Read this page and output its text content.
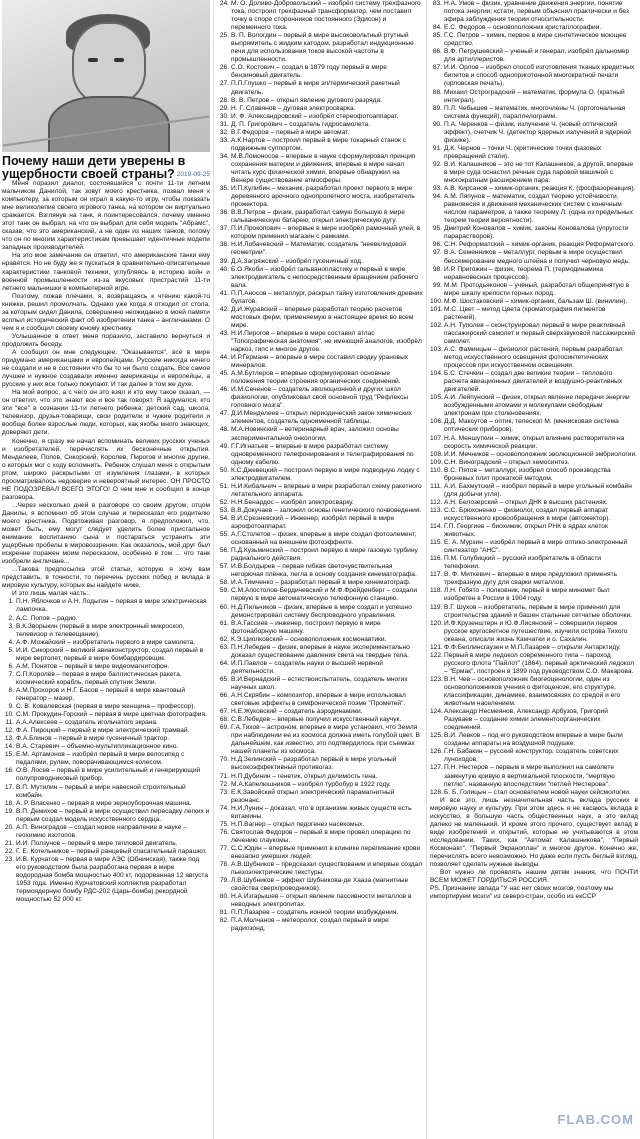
Почему наши дети уверены в ущербности своей страны? 2019-09-25

Меня поразил диалог, состоявшийся с почти 11-ти летним мальчиком Данилой, так зовут моего крестника, позвал меня к компьютеру, за которым он играл в какую-то игру, чтобы показать мне великолепие своего игрового танка, на котором он виртуально сражается. Взглянув на танк, я поинтересовался, почему именно этот танк он выбрал, на что он выбрал для себя модель "Абрамс", сказав, что это американский, а не один из наших танков, потому что он по многим характеристикам превышает идентичные модели западных производителей.

На это мое замечание он ответил, что американские танки ему нравятся. Но не буду же я пускаться в сравнительно-описательные характеристики танковой техники, углубляясь в историю войн и военной промышленности из-за вкусовых пристрастий 11-ти летнего мальчишки в компьютерной игре.

Поэтому, пожав плечами, я, возвращаясь к чтению какой-то книжки, решил промолчать. Однако уже когда я отходил от стола, за которым сидел Данила, совершенно неожиданно в моей памяти всплыл исторический факт об изобретении танка – англичанами. О чем я и сообщил своему юному крестнику.

Услышанное в ответ меня поразило, заставило вернуться и продолжить беседу.

А сообщил он мне следующее. "Оказывается", все в мире придумано американцами и европейцами. Русские никогда ничего не создали и не в состоянии что бы то ни было создать. Все самое лучшее и нужное создавали именно американцы и европейцы, а русские у них все только покупают. И так далее в том же духе.

На мой вопрос, а с чего он это взял и кто ему такое сказал, — он ответил, что это знают все и все так говорят. Я задумался, кто эти "все" в сознании 11-ти летнего ребенка: детский сад, школа, телевизор, друзья-товарищи, свои родители и чужие родители и вообще более взрослые люди, которых, как якобы много знающих, доверяют дети.

Конечно, я сразу же начал вспоминать великих русских ученых и изобретателей, перечислять их бесконечные открытия. Менделеев, Попов, Сикорский, Королев, Пирогов и многие другие, о которых мог с ходу вспомнить. Ребенок слушал меня с открытым ртом, широко раскрытыми от изумления глазами, в которых просматривалось недоверие и невероятный интерес. ОН ПРОСТО НЕ ПОДОЗРЕВАЛ ВСЕГО ЭТОГО! О чем мне и сообщил в конце разговора.

...Через несколько дней в разговоре со своим другом, отцом Данилы, я вспомнил об этом случае и пересказал его родителю моего крестника. Подвтоживая разговор, я предположил, что, может быть, ему могут следует уделить более пристальное внимание воспитанию сына и постараться устранить эти ущербные пробелы в мировоззрении. Как оказалось, мой друг был искренне поражен моим пересказом, особенно в том ... что танк изобрели англичане...

...Такова предпосылка этой статьи, которую я хочу вам представить, в точности, то перечень русских побед и вклада в мировую культуру, которых вы найдете ниже.

И это лишь малая часть:.
1. П.Н. Яблочков и А.Н. Лодыгин – первая в мире электрическая лампочка.
2. А.С. Попов – радио.
3. В.К.Зворыкин (первый в мире электронный микроскоп, телевизор и телевещание).
4. А.Ф. Можайский – изобретатель первого в мире самолета.
5. И.И. Сикорский – великий авиаконструктор, создал первый в мире вертолет, первый в мире бомбардировщик.
6. А.М. Понятов – первый в мире видеомагнитофон.
7. С.П.Королёв – первая в мире баллистическая ракета, космический корабль, первый спутник Земли.
8. А.М.Прохоров и Н.Г. Басов – первый в мире квантовый генератор – мазер.
9. С. В. Ковалевская (первая в мире женщина – профессор).
10. С.М. Прокудин-Горский – первая в мире цветная фотография.
11. А.А.Алексеев – создатель игольчатого экрана.
12. Ф.А. Пироцкий – первый в мире электрический трамвай.
13. Ф.А.Блинов – первый в мире гусеничный трактор.
14. В.А. Старевич – объемно-мультипликационное кино.
15. Е.М. Артамонов – изобрёл первый в мире велосипед с педалями, рулем, поворачивающимся колесом.
16. О.В. Лосев – первый в мире усилительный и генерирующий полупроводниковый прибор.
17. В.П. Мутилин – первый в мире навесной строительный комбайн.
18. А. Р. Власенко – первая в мире зерноуборочная машина.
19. В.П. Демихов – первый в мире осуществил пересадку легких и первым создал модель искусственного сердца.
20. А.П. Виноградов – создал новое направление в науке – геохимию изотопов.
21. И.И. Ползунов – первый в мире тепловой двигатель.
22. Г. Е. Котельников – первый ранцевый спасательный парашют.
23. И.В. Курчатов – первая в мире АЭС (Обнинская), также под его руководством была разработана первая в мире водородная бомба мощностью 400 кт, подорванная 12 августа 1953 года. Именно Курчатовский коллектив разработал термоядерную бомбу РДС-202 (Царь-бомба) рекордной мощностью 52 000 кт.
24. М. О. Доливо-Добровольский – изобрёл систему трехфазного тока, построил трехфазный трансформатор, чем поставил точку в споре сторонников постоянного (Эдисон) и переменного тока.
25. В. П. Вологдин – первый в мире высоковольтный ртутный выпрямитель с жидким катодом, разработал индукционные печи для использования токов высокой частоты в промышленности.
26. С.О. Костович – создал в 1879 году первый в мире бензиновый двигатель.
27. П.П.Глушко – первый в мире эл/термический ракетный двигатель.
28. В. В. Петров – открыл явление дугового разряда.
29. Н. Г. Славянов – дуговая электросварка.
30. И. Ф. Александровский – изобрёл стереофотоаппарат.
31. Д. П. Григорович – создатель гидросамолета.
32. В.Г.Федоров – первый в мире автомат.
33. А.К.Нартов – построил первый в мире токарный станок с подвижным суппортом.
34. М.В.Ломоносов – впервые в науке сформулировал принцип сохранения материи и движения, впервые в мире начал читать курс физической химии, впервые обнаружил на Венере существование атмосферы.
35. И.П.Кулибин – механик, разработал проект первого в мире деревянного арочного однопролетного моста, изобретатель прожектора.
36. В.В.Петров – физик, разработал самую большую в мире гальваническую батарею; открыл электрическую дугу.
37. П.И.Прокопович – впервые в мире изобрёл рамочный улей, в котором применил магазин с рамками.
38. Н.И.Лобачевский – Математик, создатель "неевклидовой геометрии".
39. Д.А.Загряжский – изобрёл гусеничный ход.
40. Б.О.Якоби – изобрёл гальванопластику и первый в мире электродвигатель с непосредственным вращением рабочего вала.
41. П.П.Аносов – металлург, раскрыл тайну изготовления древних булатов.
42. Д.И.Журавский – впервые разработал теорию расчетов мостовых ферм, применяемую в настоящее время во всем мире.
43. Н.И.Пирогов – впервые в мире составил атлас "Топографическая анатомия", не имеющий аналогов, изобрёл наркоз, гипс и многое другое.
44. И.Р.Германн – впервые в мире составил сводку урановых минералов.
45. А.М.Бутлеров – впервые сформулировал основные положения теории строения органических соединений.
46. И.М.Сеченов – создатель эволюционной и других школ физиологии, опубликовал свой основной труд "Рефлексы головного мозга".
47. Д.И.Менделеев – открыл периодический закон химических элементов, создатель одноименной таблицы.
48. М.А.Новинский – ветеринарный врач, заложил основы экспериментальной онкологии.
49. Г.Г.Игнатьев – впервые в мире разработал систему одновременного телефонирования и телеграфирования по одному кабелю.
50. К.С.Джевецкий – построил первую в мире подводную лодку с электродвигателем.
51. Н.И.Кибальчич – впервые в мире разработал схему ракетного летательного аппарата.
52. Н.Н.Бенардос – изобрёл электросварку.
53. В.В.Докучаев – заложил основы генетического почвоведения.
54. В.И.Срезневский – Инженер, изобрёл первый в мире аэрофотоаппарат.
55. А.Г.Столетов – физик, впервые в мире создал фотоэлемент, основанный на внешнем фотоэффекте.
56. П.Д.Кузьминский – построил первую в мире газовую турбину радиального действия.
57. И.В.Болдырев – первая гибкая светочувствительная негорючая плёнка, легла в основу создания кинематографа.
58. И.А.Тимченко – разработал первый в мире кинематограф.
59. С.М.Апостолов-Бердичевский и М.Ф.Фрейденберг – создали первую в мире автоматическую телефонную станцию.
60. Н.Д.Пильчиков – физик, впервые в мире создал и успешно демонстрировал систему беспроводного управления.
61. В.А.Гассиев – инженер, построил первую в мире фотонаборную машину.
62. К.Э.Циолковский – основоположник космонавтики.
63. П.Н.Лебедев – физик, впервые в науке экспериментально доказал существование давления света на твердые тела.
64. И.П.Павлов – создатель науки о высшей нервной деятельности.
65. В.И.Вернадский – естествоиспытатель, создатель многих научных школ.
66. А.Н.Скрябин – композитор, впервые в мире использовал световые эффекты в симфонической поэме "Прометей".
67. Н.Е.Жуковский – создатель аэродинамики.
68. С.В.Лебедев – впервые получил искусственный каучук.
69. Г.А.Тихов – астроном, впервые в мире установил, что Земля при наблюдении ее из космоса должна иметь голубой цвет. В дальнейшем, как известно, это подтвердилось при съемках нашей планеты из космоса.
70. Н.Д.Зелинский – разработал первый в мире угольный высокоэффективный противогаз.
71. Н.П.Дубинин – генетик, открыл делимость гена.
72. М.А.Капелюшников – изобрёл турбобур в 1922 году.
73. Е.К.Завойский открыл электрический парамагнитный резонанс.
74. Н.И.Лунин – доказал, что в организме живых существ есть витамины.
75. Н.П.Вагнер – открыл педогенез насекомых.
76. Святослав Федоров – первый в мире провёл операцию по лечению глаукомы.
77. С.С.Юдин – впервые применил в клинике переливание крови внезапно умерших людей.
78. А.В.Шубников – предсказал существование и впервые создал пьезоэлектрические текстуры.
79. Л.В.Шубников – эффект Шубникова-де Хааза (магнитные свойства сверхпроводников).
80. Н.А.Изгарышев – открыл явление пассивности металлов в неводных электролитах.
81. П.П.Лазарев – создатель ионной теории возбуждения.
82. П.А.Молчанов – метеоролог, создал первый в мире радиозонд.
83. Н.А. Умов – физик, уравнение движения энергии, понятие потока энергии; кстати, первым объяснил практически и без эфира заблуждения теории относительности.
84. Е.С. Федоров – основоположник кристаллографии.
85. Г.С. Петров – химик, первое в мире синтетическое моющее средство.
86. В.Ф. Петрушевский – ученый и генерал, изобрёл дальномер для артиллеристов.
87. И.И. Орлов – изобрел способ изготовления тканых кредитных билетов и способ одноприготонной многократной печати (орловская печать).
88. Михаил Остроградский – математик, формула О. (кратный интеграл).
89. П.Л. Чебышев – математик, многочлены Ч. (ортогональная система функций), параллелограмм.
90. П.А. Черенков – физик, излучение Ч. (новый оптический эффект), счетчик Ч. (детектор ядерных излучений в ядерной физике).
91. Д.К. Чернов – точки Ч. (критические точки фазовых превращений стали).
92. В.И. Калашников – это не тот Калашников, а другой, впервые в мире суда оснастил речные суда паровой машиной с многократным расширением пара.
93. А.В. Кирсанов – химик-органик, реакция К. (фосфазореакция).
94. А.М. Ляпунов – математик, создал теорию устойчивости, равновесия и движения механических систем с конечным числом параметров, а также теорему Л. (одна из предельных теорем теории вероятности).
95. Дмитрий Коновалов – химик, законы Коновалова (упругости парарастворов).
96. С.Н. Реформатский – химик-органик, реакция Реформатского.
97. В.А. Семенников – металлург, первым в мире осуществил бессемерование медного штейна и получил черновую медь.
98. И.Р. Пригожин – физик, теорема П. (термодинамика неравновесных процессов).
99. М.М. Протодьяконов – ученый, разработал общепринятую в мире шкалу крепости горных пород.
100. М.Ф. Шостаковский – химик-органик, бальзам Ш. (винилин).
101. М.С. Цвет – метод Цвета (хроматография пигментов растений).
102. А.Н. Туполев – сконструировал первый в мире реактивный пассажирский самолет и первый сверхзвуковой пассажирский самолет.
103. А.С. Фаминцын – физиолог растений, первым разработал метод искусственного освещения фотосинтетических процессов при искусственном освещении.
104. Б.С. Стечкин – создал две великие теории – теплового расчета авиационных двигателей и воздушно-реактивных двигателей.
105. А.И. Лейпунский – физик, открыл явление передачи энергии возбужденными атомами и молекулами свободным электронам при столкновениях.
106. Д.Д. Максутов – оптик, телескоп М. (менисковая система оптических приборов).
107. Н.А. Меншуткин – химик, открыл влияние растворителя на скорость химической реакции.
108. И.И. Мечников – основоположник эволюционной эмбриологии.
109. С.Н. Виноградский – открыл хемосинтез.
110. В.С. Пятов – металлург, изобрел способ производства броневых плит прокаткой методом.
111. А.И. Бахмутский – изобрел первый в мире угольный комбайн (для добычи угля).
112. А.Н. Белозерский – открыл ДНК в высших растениях.
113. С.С. Брюхоненко – физиолог, создал первый аппарат искусственного кровообращения в мире (автожектор).
114. Г.П. Георгиев – биохимик, открыл РНК в ядрах клеток животных.
115. Е. А. Мурзин – изобрёл первый в мире оптико-электронный синтезатор "АНС".
116. П.М. Голубицкий – русский изобретатель в области телефонии.
117. В. Ф. Миткевич – впервые в мире предложил применять трехфазную дугу для сварки металлов.
118. Л.Н. Гобято – полковник, первый в мире миномет был изобретен в России в 1904 году.
119. В.Г. Шухов – изобретатель, первым в мире применил для строительства зданий и башен стальные сетчатые оболочки.
120. И.Ф.Крузенштерн и Ю.Ф.Лисянский – совершили первое русское кругосветное путешествие, изучили острова Тихого океана, описали жизнь Камчатки и о. Сахалин.
121. Ф.Ф.Беллинсгаузен и М.П.Лазарев – открыли Антарктиду.
122. Первый в мире ледокол современного типа – пароход русского флота "Пайлот" (1864), первый арктический ледокол – "Ермак", построен в 1899 под руководством С.О. Макарова.
123. В.Н. Чев – основоположник биогеоценологии, один из основоположников учения о фитоценозе, его структуре, классификации, динамике, взаимосвязях со средой и его животным населением.
124. Александр Несмеянов, Александр Арбузов, Григорий Разуваев – создание химии элементоорганических соединений.
125. В.И. Левков – под его руководством впервые в мире были созданы аппараты на воздушной подушке.
126. Г.Н. Бабакин – русский конструктор, создатель советских луноходов.
127. П.Н. Нестеров – первым в мире выполнил на самолете замкнутую кривую в вертикальной плоскости, "мертвую петлю", названную впоследствии "петлей Нестерова".
128. Б. Б. Голицын – стал основателем новой науки сейсмологии.

И все это, лишь незначительная часть вклада русских в мировую науку и культуру. При этом здесь я не касаюсь вклада в искусство, в большую часть общественных наук, а это вклад далеко не маленький. И кроме этого прочего, существует вклад в виде изобретений и открытий, которые не учитываются в этом исследовании. Таких, как "Автомат Калашникова", "Первый Космонавт", "Первый Экраноплан" и многое другое. Конечно же, перечислять всего невозможно. Но даже если пусть беглый взгляд, позволяет сделать нужные выводы.

Вот нужно ли проявлять нашим детям знания, что ПОЧТИ ВСЕМ МОЖЕТ ГОРДИТЬСЯ РОССИЯ.

PS. Признание запада "У нас нет своих мозгов, поэтому мы импортируем мозги" из северо-стран, особо из екССР
FLAB.COM
